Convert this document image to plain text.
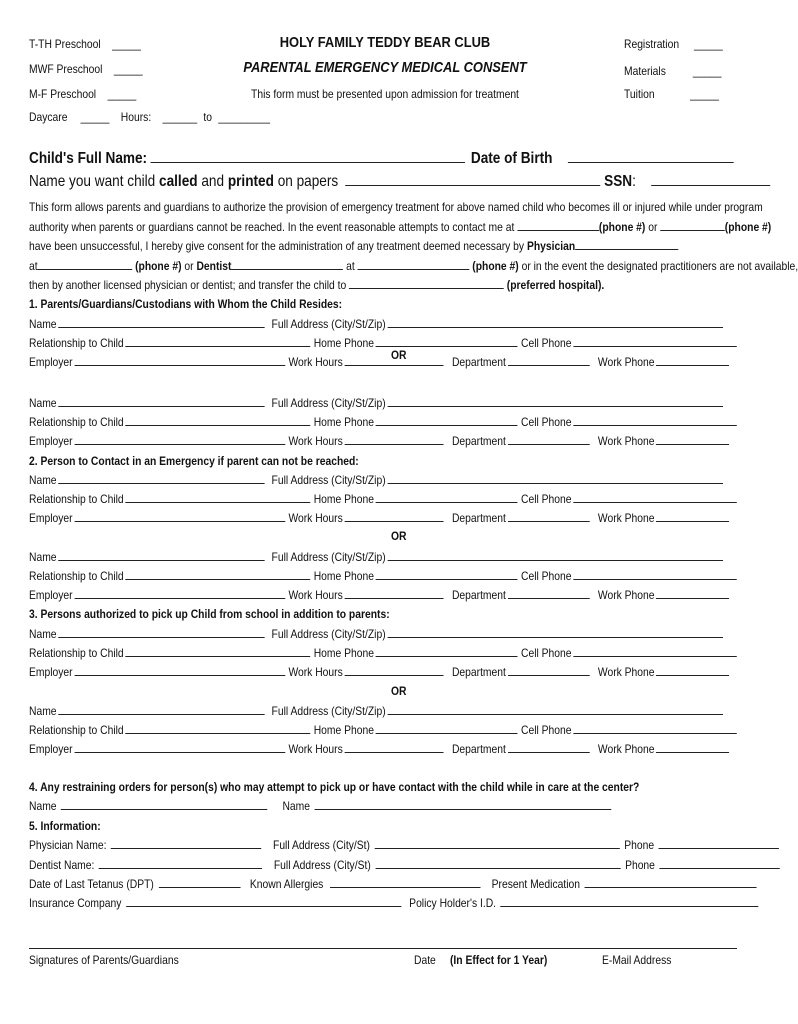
T-TH Preschool _____
MWF Preschool _____
M-F Preschool _____
Daycare _____ Hours: ______ to _________
HOLY FAMILY TEDDY BEAR CLUB
PARENTAL EMERGENCY MEDICAL CONSENT
This form must be presented upon admission for treatment
Registration _____
Materials _____
Tuition	_____
Child's Full Name:	Date of Birth
Name you want child called and printed on papers	SSN:
This form allows parents and guardians to authorize the provision of emergency treatment for above named child who becomes ill or injured while under program
authority when parents or guardians cannot be reached. In the event reasonable attempts to contact me at	(phone #) or	(phone #)
have been unsuccessful, I hereby give consent for the administration of any treatment deemed necessary by Physician
at	(phone #) or Dentist	at	(phone #) or in the event the designated practitioners are not available,
then by another licensed physician or dentist; and transfer the child to	(preferred hospital).
1. Parents/Guardians/Custodians with Whom the Child Resides:
2. Person to Contact in an Emergency if parent can not be reached:
3. Persons authorized to pick up Child from school in addition to parents:
Name	Full Address (City/St/Zip)
Relationship to Child	Home Phone	Cell Phone
Employer	Work Hours	Department	Work Phone
OR
Name	Full Address (City/St/Zip)
Relationship to Child	Home Phone	Cell Phone
Employer	Work Hours	Department	Work Phone
Name	Full Address (City/St/Zip)
Relationship to Child	Home Phone	Cell Phone
Employer	Work Hours	Department	Work Phone
OR
Name	Full Address (City/St/Zip)
Relationship to Child	Home Phone	Cell Phone
Employer	Work Hours	Department	Work Phone
Name	Full Address (City/St/Zip)
Relationship to Child	Home Phone	Cell Phone
Employer	Work Hours	Department	Work Phone
OR
Name	Full Address (City/St/Zip)
Relationship to Child	Home Phone	Cell Phone
Employer	Work Hours	Department	Work Phone
4. Any restraining orders for person(s) who may attempt to pick up or have contact with the child while in care at the center?
Name	Name
5. Information:
Physician Name:	Full Address (City/St)	Phone
Dentist Name:	Full Address (City/St)	Phone
Date of Last Tetanus (DPT)	Known Allergies	Present Medication
Insurance Company	Policy Holder's I.D.
Signatures of Parents/Guardians	Date (In Effect for 1 Year)	E-Mail Address
